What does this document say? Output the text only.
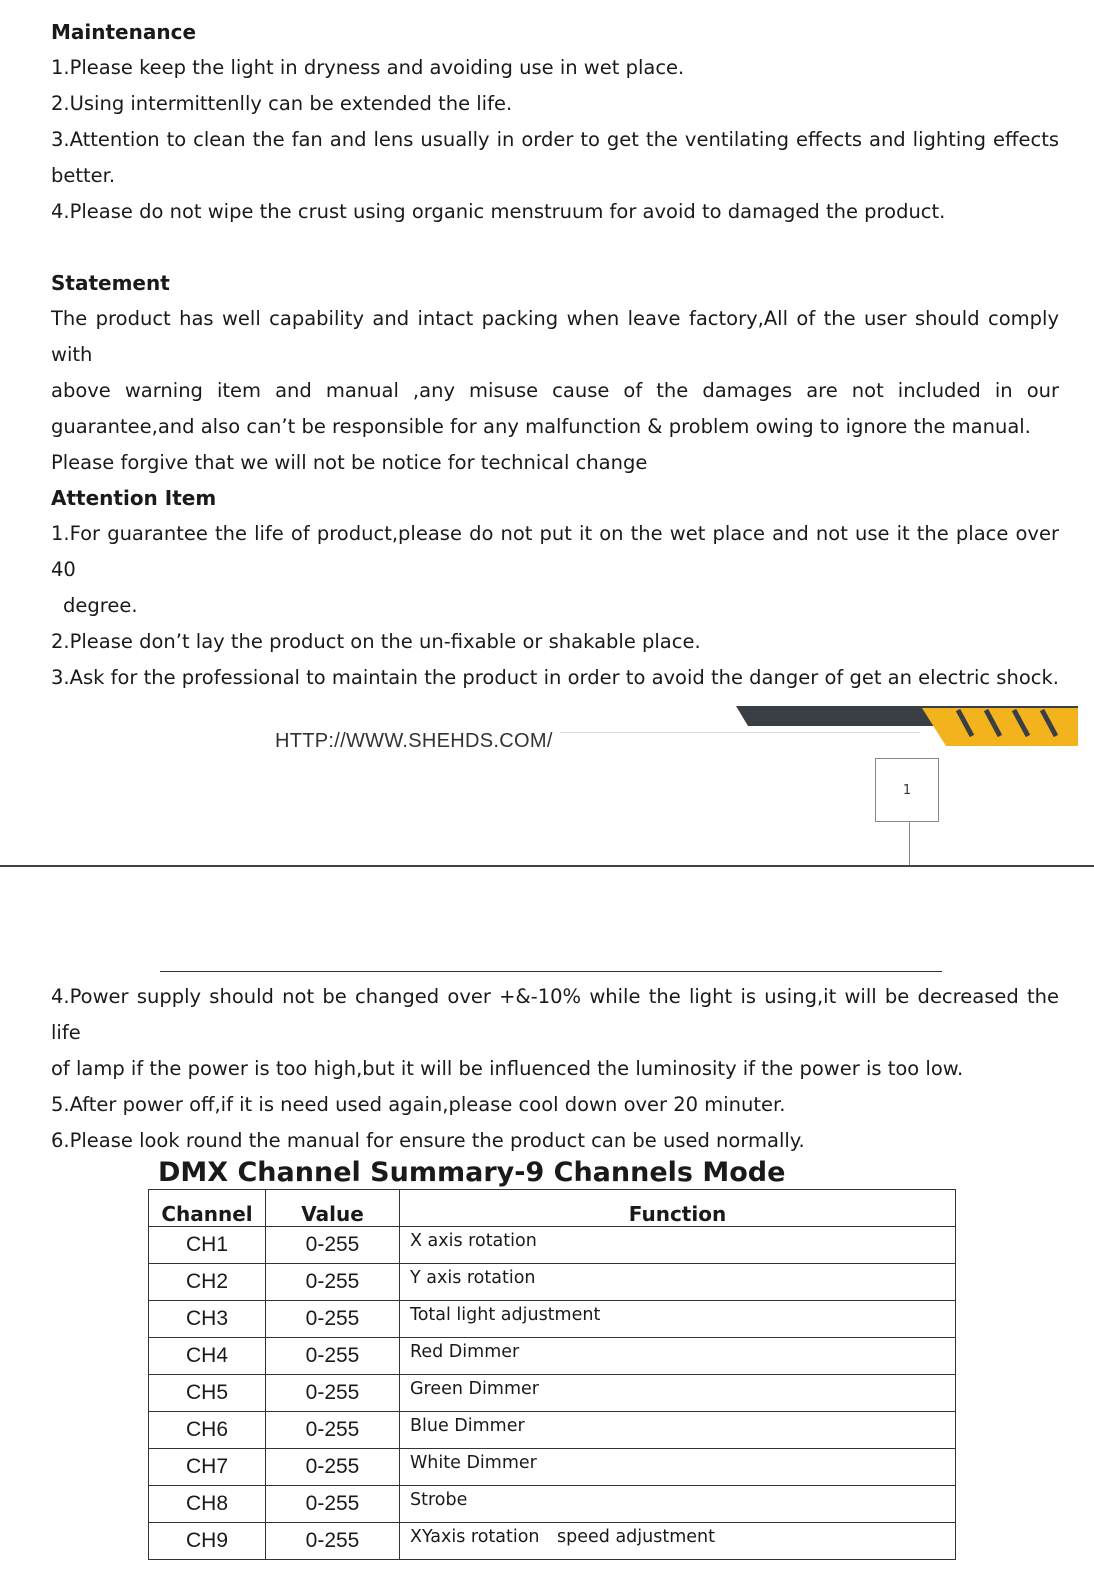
Maintenance

1.Please keep the light in dryness and avoiding use in wet place.

2.Using intermittenlly can be extended the life.

3.Attention to clean the fan and lens usually in order to get the ventilating effects and lighting effects

better.

4.Please do not wipe the crust using organic menstruum for avoid to damaged the product.

Statement

The product has well capability and intact packing when leave factory,All of the user should comply with

above warning item and manual ,any misuse cause of the damages are not included in our

guarantee,and also can’t be responsible for any malfunction & problem owing to ignore the manual.

Please forgive that we will not be notice for technical change

Attention Item

1.For guarantee the life of product,please do not put it on the wet place and not use it the place over 40

degree.

2.Please don’t lay the product on the un-fixable or shakable place.

3.Ask for the professional to maintain the product in order to avoid the danger of get an electric shock.

HTTP://WWW.SHEHDS.COM/
1

4.Power supply should not be changed over +&-10% while the light is using,it will be decreased the life

of lamp if the power is too high,but it will be influenced the luminosity if the power is too low.

5.After power off,if it is need used again,please cool down over 20 minuter.

6.Please look round the manual for ensure the product can be used normally.

DMX Channel Summary-9 Channels Mode
Channel	Value	Function
CH1	0-255	X axis rotation
CH2	0-255	Y axis rotation
CH3	0-255	Total light adjustment
CH4	0-255	Red Dimmer
CH5	0-255	Green Dimmer
CH6	0-255	Blue Dimmer
CH7	0-255	White Dimmer
CH8	0-255	Strobe
CH9	0-255	XYaxis rotation　speed adjustment
